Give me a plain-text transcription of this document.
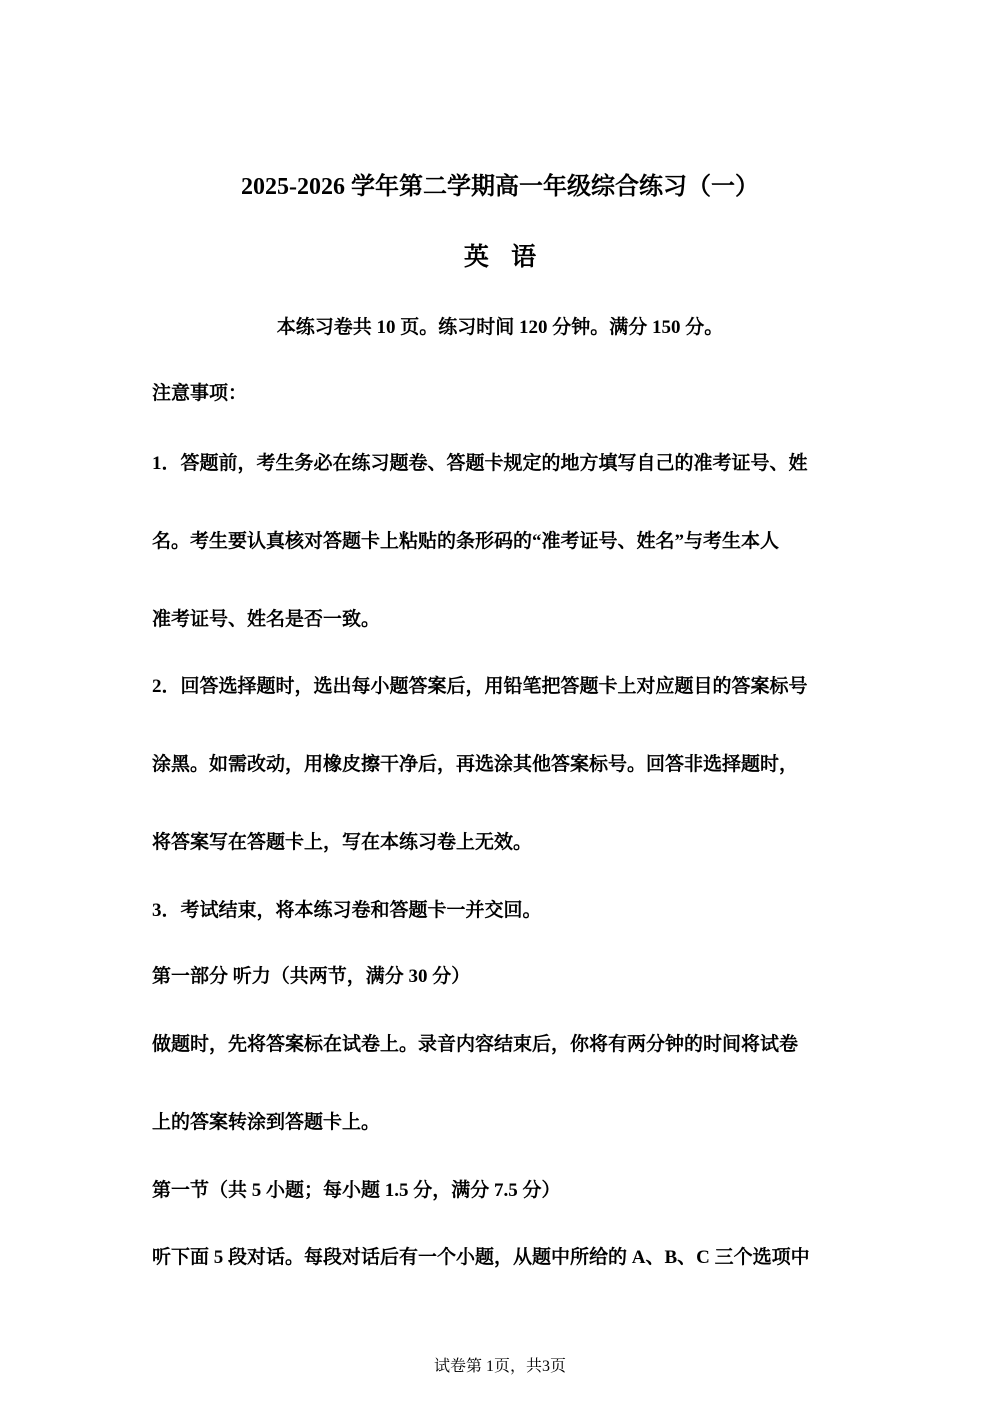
2025-2026 学年第二学期高一年级综合练习（一）
英 语
本练习卷共 10 页。练习时间 120 分钟。满分 150 分。
注意事项：
1．答题前，考生务必在练习题卷、答题卡规定的地方填写自己的准考证号、姓
名。考生要认真核对答题卡上粘贴的条形码的“准考证号、姓名”与考生本人
准考证号、姓名是否一致。
2．回答选择题时，选出每小题答案后，用铅笔把答题卡上对应题目的答案标号
涂黑。如需改动，用橡皮擦干净后，再选涂其他答案标号。回答非选择题时，
将答案写在答题卡上，写在本练习卷上无效。
3．考试结束，将本练习卷和答题卡一并交回。
第一部分 听力（共两节，满分 30 分）
做题时，先将答案标在试卷上。录音内容结束后，你将有两分钟的时间将试卷
上的答案转涂到答题卡上。
第一节（共 5 小题；每小题 1.5 分，满分 7.5 分）
听下面 5 段对话。每段对话后有一个小题，从题中所给的 A、B、C 三个选项中
试卷第 1页，共3页
